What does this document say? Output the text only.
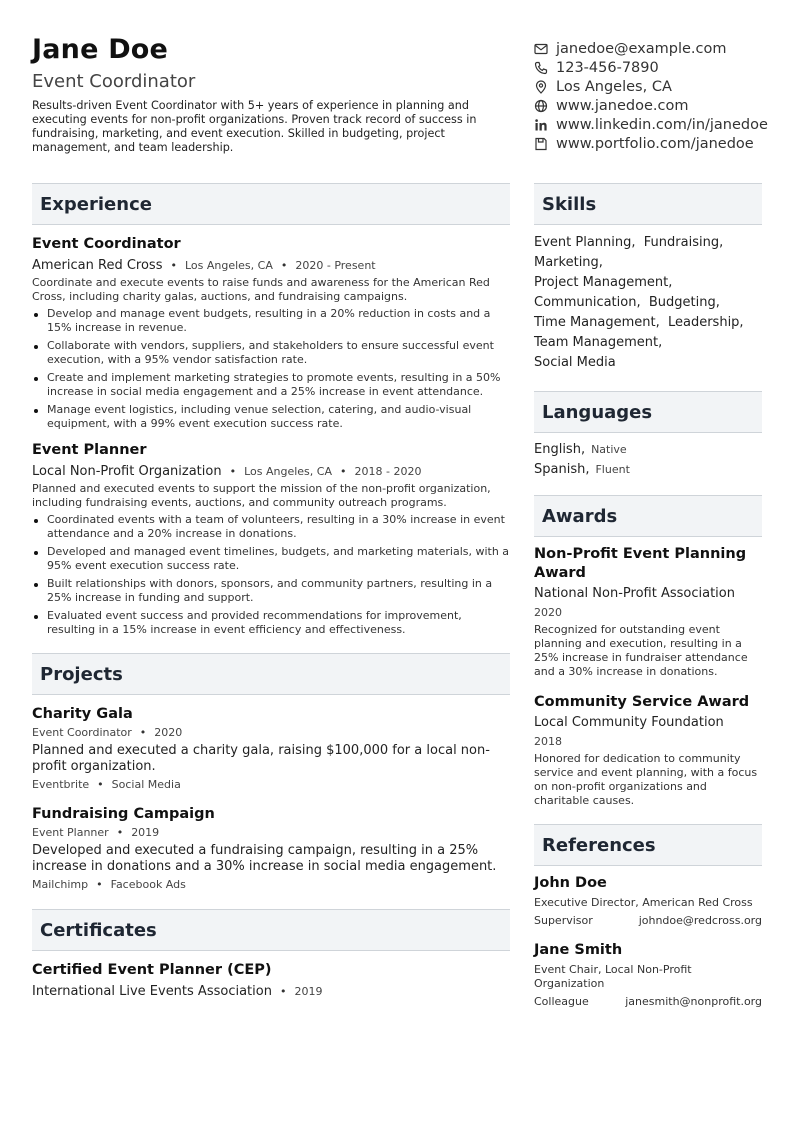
Jane Doe
Event Coordinator
Results-driven Event Coordinator with 5+ years of experience in planning and executing events for non-profit organizations. Proven track record of success in fundraising, marketing, and event execution. Skilled in budgeting, project management, and team leadership.
janedoe@example.com
123-456-7890
Los Angeles, CA
www.janedoe.com
www.linkedin.com/in/janedoe
www.portfolio.com/janedoe
Experience
Event Coordinator
American Red Cross • Los Angeles, CA • 2020 - Present
Coordinate and execute events to raise funds and awareness for the American Red Cross, including charity galas, auctions, and fundraising campaigns.
Develop and manage event budgets, resulting in a 20% reduction in costs and a 15% increase in revenue.
Collaborate with vendors, suppliers, and stakeholders to ensure successful event execution, with a 95% vendor satisfaction rate.
Create and implement marketing strategies to promote events, resulting in a 50% increase in social media engagement and a 25% increase in event attendance.
Manage event logistics, including venue selection, catering, and audio-visual equipment, with a 99% event execution success rate.
Event Planner
Local Non-Profit Organization • Los Angeles, CA • 2018 - 2020
Planned and executed events to support the mission of the non-profit organization, including fundraising events, auctions, and community outreach programs.
Coordinated events with a team of volunteers, resulting in a 30% increase in event attendance and a 20% increase in donations.
Developed and managed event timelines, budgets, and marketing materials, with a 95% event execution success rate.
Built relationships with donors, sponsors, and community partners, resulting in a 25% increase in funding and support.
Evaluated event success and provided recommendations for improvement, resulting in a 15% increase in event efficiency and effectiveness.
Projects
Charity Gala
Event Coordinator • 2020
Planned and executed a charity gala, raising $100,000 for a local non-profit organization.
Eventbrite • Social Media
Fundraising Campaign
Event Planner • 2019
Developed and executed a fundraising campaign, resulting in a 25% increase in donations and a 30% increase in social media engagement.
Mailchimp • Facebook Ads
Certificates
Certified Event Planner (CEP)
International Live Events Association • 2019
Skills
Event Planning, Fundraising,
Marketing,
Project Management,
Communication, Budgeting,
Time Management, Leadership,
Team Management,
Social Media
Languages
English, Native
Spanish, Fluent
Awards
Non-Profit Event Planning Award
National Non-Profit Association
2020
Recognized for outstanding event planning and execution, resulting in a 25% increase in fundraiser attendance and a 30% increase in donations.
Community Service Award
Local Community Foundation
2018
Honored for dedication to community service and event planning, with a focus on non-profit organizations and charitable causes.
References
John Doe
Executive Director, American Red Cross
Supervisor	johndoe@redcross.org
Jane Smith
Event Chair, Local Non-Profit Organization
Colleague	janesmith@nonprofit.org
